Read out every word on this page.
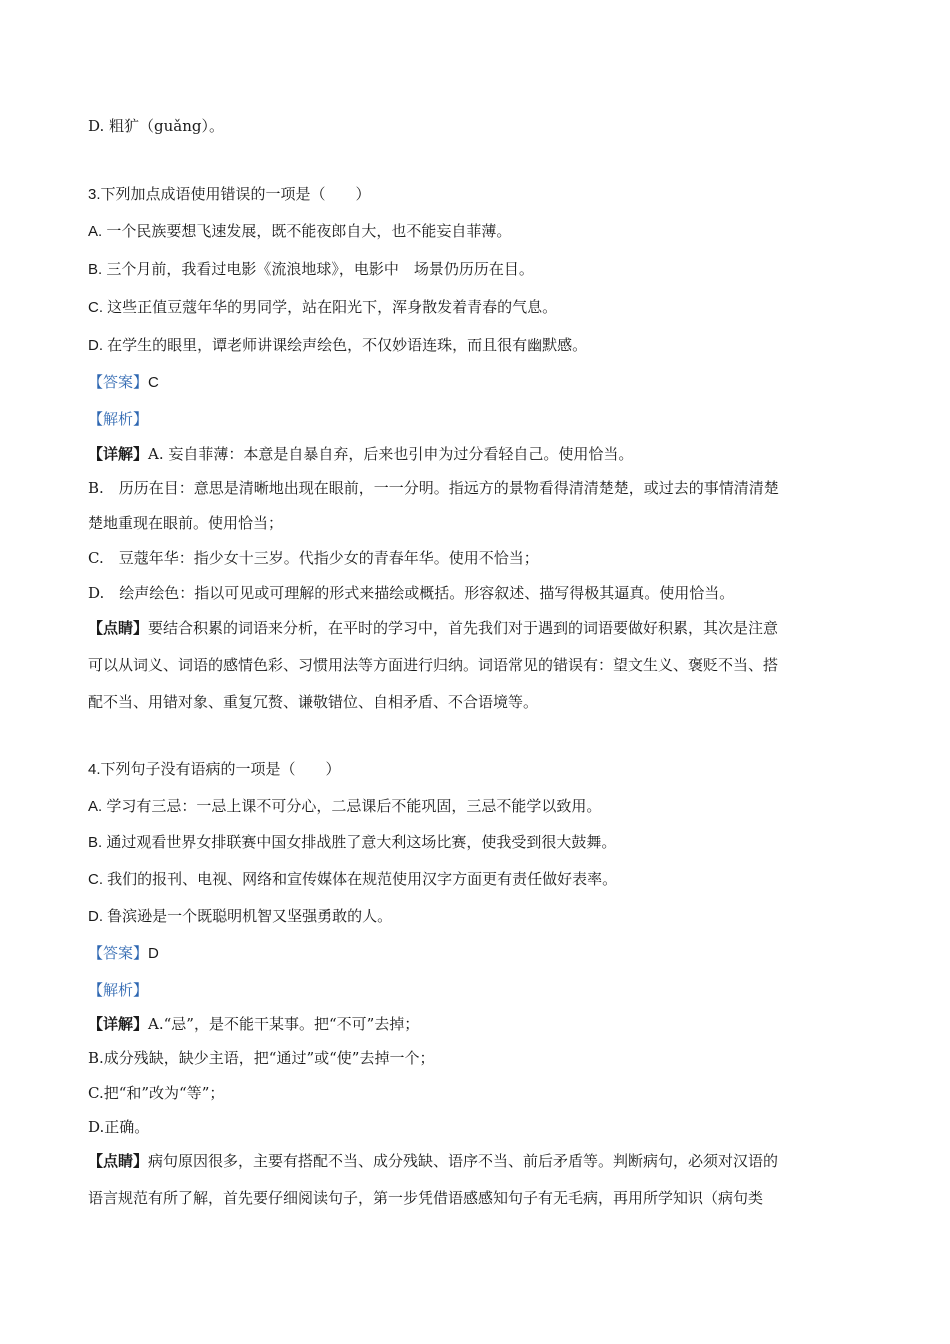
D. 粗犷（guǎng）。
3.下列加点成语使用错误的一项是（　　）
A. 一个民族要想飞速发展，既不能夜郎自大，也不能妄自菲薄。
B. 三个月前，我看过电影《流浪地球》，电影中　场景仍历历在目。
C. 这些正值豆蔻年华的男同学，站在阳光下，浑身散发着青春的气息。
D. 在学生的眼里，谭老师讲课绘声绘色，不仅妙语连珠，而且很有幽默感。
【答案】C
【解析】
【详解】A. 妄自菲薄：本意是自暴自弃，后来也引申为过分看轻自己。使用恰当。
B.　历历在目：意思是清晰地出现在眼前，一一分明。指远方的景物看得清清楚楚，或过去的事情清清楚
楚地重现在眼前。使用恰当；
C.　豆蔻年华：指少女十三岁。代指少女的青春年华。使用不恰当；
D.　绘声绘色：指以可见或可理解的形式来描绘或概括。形容叙述、描写得极其逼真。使用恰当。
【点睛】要结合积累的词语来分析，在平时的学习中，首先我们对于遇到的词语要做好积累，其次是注意
可以从词义、词语的感情色彩、习惯用法等方面进行归纳。词语常见的错误有：望文生义、褒贬不当、搭
配不当、用错对象、重复冗赘、谦敬错位、自相矛盾、不合语境等。
4.下列句子没有语病的一项是（　　）
A. 学习有三忌：一忌上课不可分心，二忌课后不能巩固，三忌不能学以致用。
B. 通过观看世界女排联赛中国女排战胜了意大利这场比赛，使我受到很大鼓舞。
C. 我们的报刊、电视、网络和宣传媒体在规范使用汉字方面更有责任做好表率。
D. 鲁滨逊是一个既聪明机智又坚强勇敢的人。
【答案】D
【解析】
【详解】A.“忌”，是不能干某事。把“不可”去掉；
B.成分残缺，缺少主语，把“通过”或“使”去掉一个；
C.把“和”改为“等”；
D.正确。
【点睛】病句原因很多，主要有搭配不当、成分残缺、语序不当、前后矛盾等。判断病句，必须对汉语的
语言规范有所了解，首先要仔细阅读句子，第一步凭借语感感知句子有无毛病，再用所学知识（病句类
